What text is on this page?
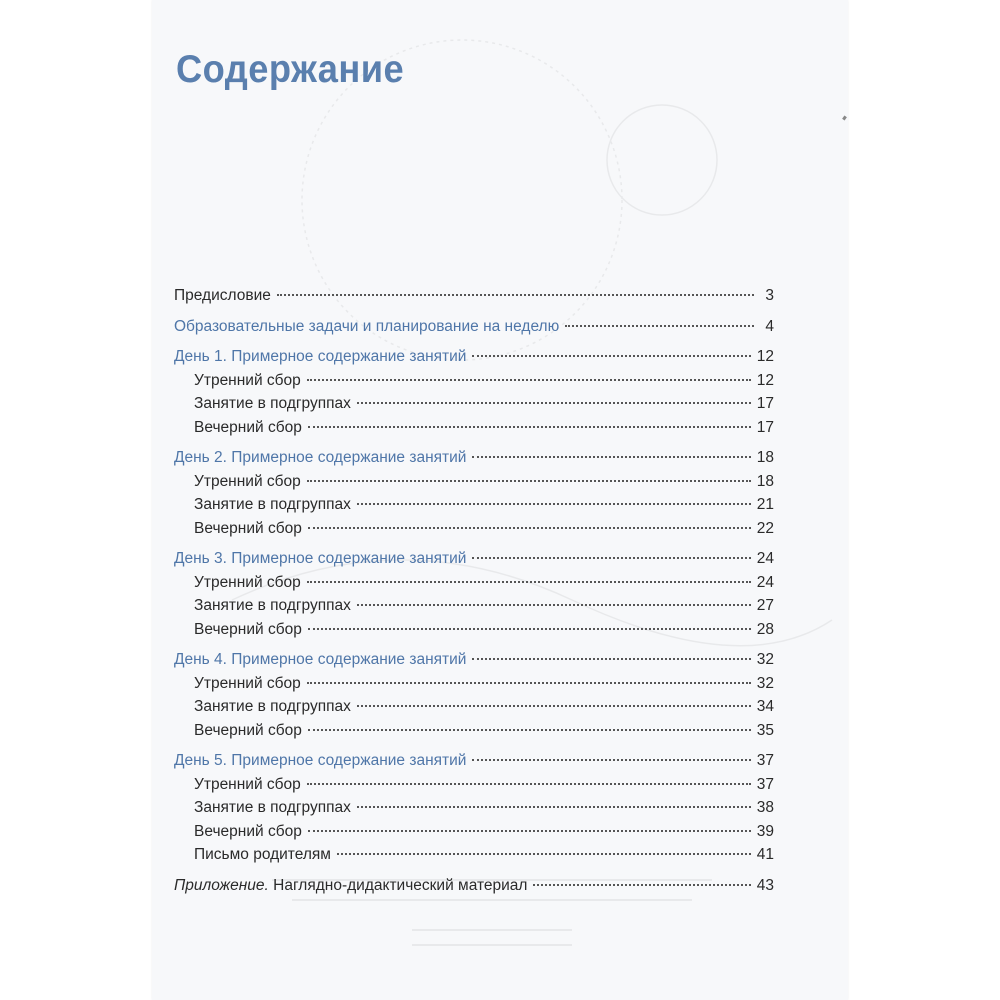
Содержание
Предисловие	3
Образовательные задачи и планирование на неделю	4
День 1. Примерное содержание занятий	12
Утренний сбор	12
Занятие в подгруппах	17
Вечерний сбор	17
День 2. Примерное содержание занятий	18
Утренний сбор	18
Занятие в подгруппах	21
Вечерний сбор	22
День 3. Примерное содержание занятий	24
Утренний сбор	24
Занятие в подгруппах	27
Вечерний сбор	28
День 4. Примерное содержание занятий	32
Утренний сбор	32
Занятие в подгруппах	34
Вечерний сбор	35
День 5. Примерное содержание занятий	37
Утренний сбор	37
Занятие в подгруппах	38
Вечерний сбор	39
Письмо родителям	41
Приложение. Наглядно-дидактический материал	43
